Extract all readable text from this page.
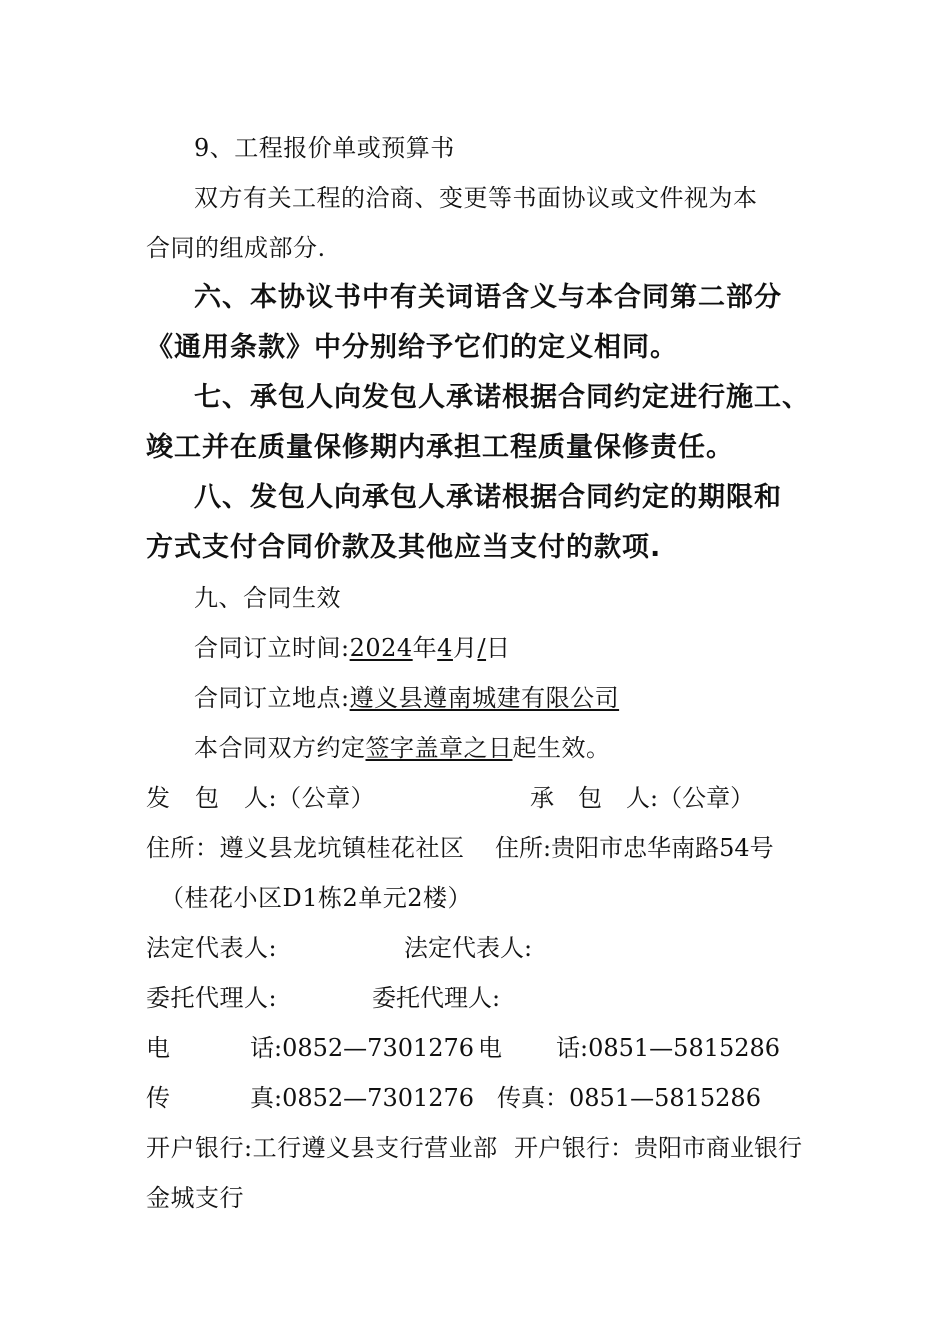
9、工程报价单或预算书
双方有关工程的洽商、变更等书面协议或文件视为本
合同的组成部分.
六、本协议书中有关词语含义与本合同第二部分
《通用条款》中分别给予它们的定义相同。
七、承包人向发包人承诺根据合同约定进行施工、
竣工并在质量保修期内承担工程质量保修责任。
八、发包人向承包人承诺根据合同约定的期限和
方式支付合同价款及其他应当支付的款项.
九、合同生效
合同订立时间:2024年4月/日
合同订立地点:遵义县遵南城建有限公司
本合同双方约定签字盖章之日起生效。
发　包　人:（公章）	承　包　人:（公章）
住所：遵义县龙坑镇桂花社区 住所:贵阳市忠华南路54号
（桂花小区D1栋2单元2楼）
法定代表人:	法定代表人:
委托代理人:	委托代理人:
电	话:0852—7301276 电 话:0851—5815286
传	真:0852—7301276 传真：0851—5815286
开户银行:工行遵义县支行营业部 开户银行：贵阳市商业银行
金城支行
